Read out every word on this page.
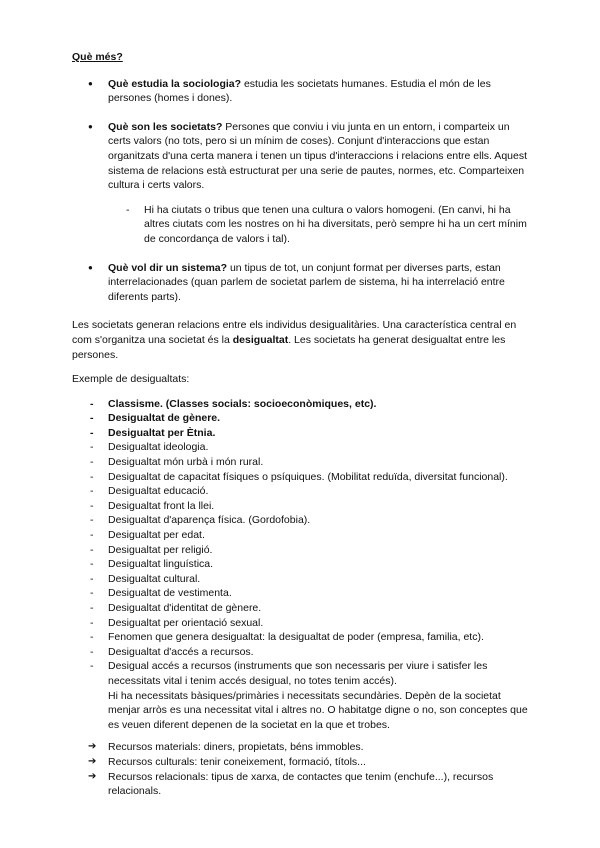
Què més?
● Què estudia la sociologia? estudia les societats humanes. Estudia el món de les persones (homes i dones).
● Què son les societats? Persones que conviu i viu junta en un entorn, i comparteix un certs valors (no tots, pero si un mínim de coses). Conjunt d'interaccions que estan organitzats d'una certa manera i tenen un tipus d'interaccions i relacions entre ells. Aquest sistema de relacions està estructurat per una serie de pautes, normes, etc. Comparteixen cultura i certs valors.
- Hi ha ciutats o tribus que tenen una cultura o valors homogeni. (En canvi, hi ha altres ciutats com les nostres on hi ha diversitats, però sempre hi ha un cert mínim de concordança de valors i tal).
● Què vol dir un sistema? un tipus de tot, un conjunt format per diverses parts, estan interrelacionades (quan parlem de societat parlem de sistema, hi ha interrelació entre diferents parts).

Les societats generan relacions entre els individus desigualitàries. Una característica central en com s'organitza una societat és la desigualtat. Les societats ha generat desigualtat entre les persones.

Exemple de desigualtats:

- Classisme. (Classes socials: socioeconòmiques, etc).
- Desigualtat de gènere.
- Desigualtat per Ètnia.
- Desigualtat ideologia.
- Desigualtat món urbà i món rural.
- Desigualtat de capacitat físiques o psíquiques. (Mobilitat reduïda, diversitat funcional).
- Desigualtat educació.
- Desigualtat front la llei.
- Desigualtat d'aparença física. (Gordofobia).
- Desigualtat per edat.
- Desigualtat per religió.
- Desigualtat linguística.
- Desigualtat cultural.
- Desigualtat de vestimenta.
- Desigualtat d'identitat de gènere.
- Desigualtat per orientació sexual.
- Fenomen que genera desigualtat: la desigualtat de poder (empresa, familia, etc).
- Desigualtat d'accés a recursos.
- Desigual accés a recursos (instruments que son necessaris per viure i satisfer les necessitats vital i tenim accés desigual, no totes tenim accés).
Hi ha necessitats bàsiques/primàries i necessitats secundàries. Depèn de la societat menjar arròs es una necessitat vital i altres no. O habitatge digne o no, son conceptes que es veuen diferent depenen de la societat en la que et trobes.
➔ Recursos materials: diners, propietats, béns immobles.
➔ Recursos culturals: tenir coneixement, formació, títols...
➔ Recursos relacionals: tipus de xarxa, de contactes que tenim (enchufe...), recursos relacionals.
